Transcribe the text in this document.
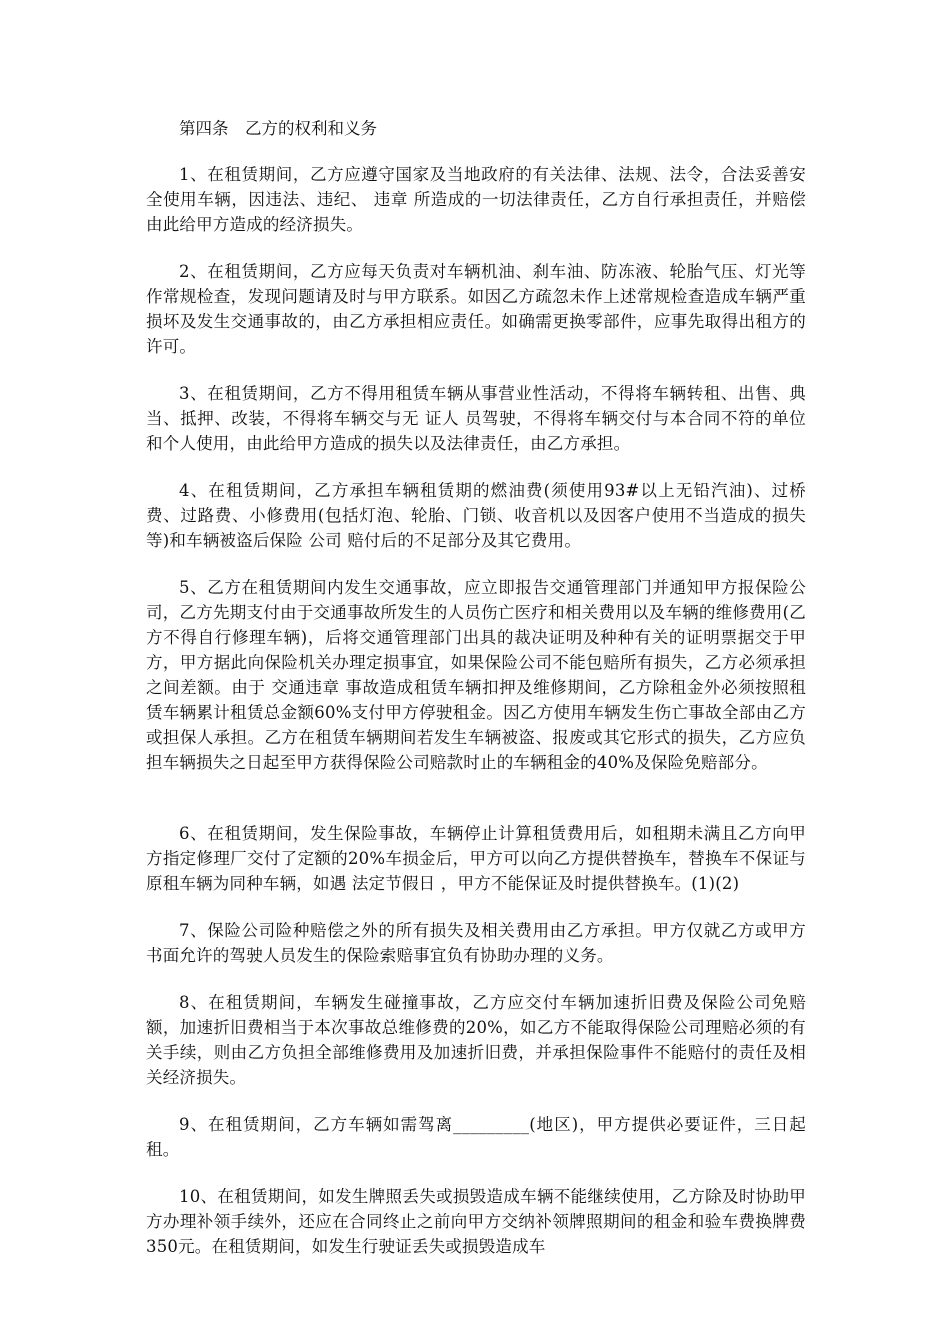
第四条　乙方的权利和义务

1、在租赁期间，乙方应遵守国家及当地政府的有关法律、法规、法令，合法妥善安全使用车辆，因违法、违纪、 违章 所造成的一切法律责任，乙方自行承担责任，并赔偿由此给甲方造成的经济损失。

2、在租赁期间，乙方应每天负责对车辆机油、刹车油、防冻液、轮胎气压、灯光等作常规检查，发现问题请及时与甲方联系。如因乙方疏忽未作上述常规检查造成车辆严重损坏及发生交通事故的，由乙方承担相应责任。如确需更换零部件，应事先取得出租方的许可。

3、在租赁期间，乙方不得用租赁车辆从事营业性活动，不得将车辆转租、出售、典当、抵押、改装，不得将车辆交与无 证人 员驾驶，不得将车辆交付与本合同不符的单位和个人使用，由此给甲方造成的损失以及法律责任，由乙方承担。

4、在租赁期间，乙方承担车辆租赁期的燃油费(须使用93#以上无铅汽油)、过桥费、过路费、小修费用(包括灯泡、轮胎、门锁、收音机以及因客户使用不当造成的损失等)和车辆被盗后保险 公司 赔付后的不足部分及其它费用。

5、乙方在租赁期间内发生交通事故，应立即报告交通管理部门并通知甲方报保险公司，乙方先期支付由于交通事故所发生的人员伤亡医疗和相关费用以及车辆的维修费用(乙方不得自行修理车辆)，后将交通管理部门出具的裁决证明及种种有关的证明票据交于甲方，甲方据此向保险机关办理定损事宜，如果保险公司不能包赔所有损失，乙方必须承担之间差额。由于 交通违章 事故造成租赁车辆扣押及维修期间，乙方除租金外必须按照租赁车辆累计租赁总金额60%支付甲方停驶租金。因乙方使用车辆发生伤亡事故全部由乙方或担保人承担。乙方在租赁车辆期间若发生车辆被盗、报废或其它形式的损失，乙方应负担车辆损失之日起至甲方获得保险公司赔款时止的车辆租金的40%及保险免赔部分。

6、在租赁期间，发生保险事故，车辆停止计算租赁费用后，如租期未满且乙方向甲方指定修理厂交付了定额的20%车损金后，甲方可以向乙方提供替换车，替换车不保证与原租车辆为同种车辆，如遇 法定节假日 ，甲方不能保证及时提供替换车。(1)(2)

7、保险公司险种赔偿之外的所有损失及相关费用由乙方承担。甲方仅就乙方或甲方书面允许的驾驶人员发生的保险索赔事宜负有协助办理的义务。

8、在租赁期间，车辆发生碰撞事故，乙方应交付车辆加速折旧费及保险公司免赔额，加速折旧费相当于本次事故总维修费的20%，如乙方不能取得保险公司理赔必须的有关手续，则由乙方负担全部维修费用及加速折旧费，并承担保险事件不能赔付的责任及相关经济损失。

9、在租赁期间，乙方车辆如需驾离_________(地区)，甲方提供必要证件，三日起租。

10、在租赁期间，如发生牌照丢失或损毁造成车辆不能继续使用，乙方除及时协助甲方办理补领手续外，还应在合同终止之前向甲方交纳补领牌照期间的租金和验车费换牌费350元。在租赁期间，如发生行驶证丢失或损毁造成车
